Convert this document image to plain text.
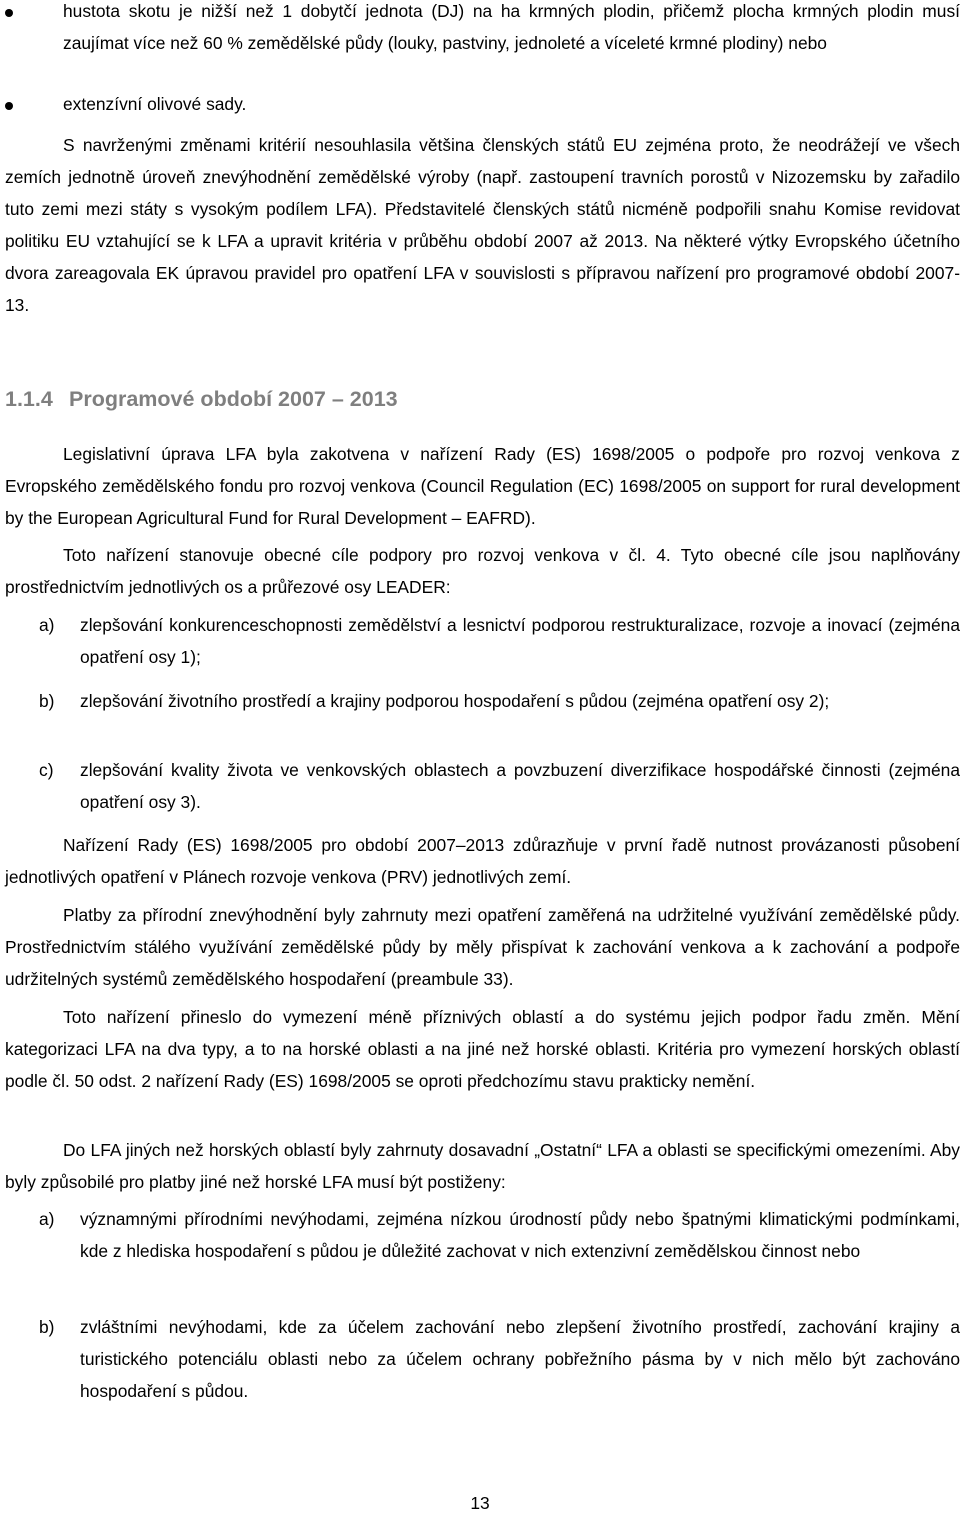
hustota skotu je nižší než 1 dobytčí jednota (DJ) na ha krmných plodin, přičemž plocha krmných plodin musí zaujímat více než 60 % zemědělské půdy (louky, pastviny, jednoleté a víceleté krmné plodiny) nebo
extenzívní olivové sady.

S navrženými změnami kritérií nesouhlasila většina členských států EU zejména proto, že neodrážejí ve všech zemích jednotně úroveň znevýhodnění zemědělské výroby (např. zastoupení travních porostů v Nizozemsku by zařadilo tuto zemi mezi státy s vysokým podílem LFA). Představitelé členských států nicméně podpořili snahu Komise revidovat politiku EU vztahující se k LFA a upravit kritéria v průběhu období 2007 až 2013. Na některé výtky Evropského účetního dvora zareagovala EK úpravou pravidel pro opatření LFA v souvislosti s přípravou nařízení pro programové období 2007-13.

1.1.4 Programové období 2007 – 2013

Legislativní úprava LFA byla zakotvena v nařízení Rady (ES) 1698/2005 o podpoře pro rozvoj venkova z Evropského zemědělského fondu pro rozvoj venkova (Council Regulation (EC) 1698/2005 on support for rural development by the European Agricultural Fund for Rural Development – EAFRD).

Toto nařízení stanovuje obecné cíle podpory pro rozvoj venkova v čl. 4. Tyto obecné cíle jsou naplňovány prostřednictvím jednotlivých os a průřezové osy LEADER:

a) zlepšování konkurenceschopnosti zemědělství a lesnictví podporou restrukturalizace, rozvoje a inovací (zejména opatření osy 1);
b) zlepšování životního prostředí a krajiny podporou hospodaření s půdou (zejména opatření osy 2);
c) zlepšování kvality života ve venkovských oblastech a povzbuzení diverzifikace hospodářské činnosti (zejména opatření osy 3).

Nařízení Rady (ES) 1698/2005 pro období 2007–2013 zdůrazňuje v první řadě nutnost provázanosti působení jednotlivých opatření v Plánech rozvoje venkova (PRV) jednotlivých zemí.

Platby za přírodní znevýhodnění byly zahrnuty mezi opatření zaměřená na udržitelné využívání zemědělské půdy. Prostřednictvím stálého využívání zemědělské půdy by měly přispívat k zachování venkova a k zachování a podpoře udržitelných systémů zemědělského hospodaření (preambule 33).

Toto nařízení přineslo do vymezení méně příznivých oblastí a do systému jejich podpor řadu změn. Mění kategorizaci LFA na dva typy, a to na horské oblasti a na jiné než horské oblasti. Kritéria pro vymezení horských oblastí podle čl. 50 odst. 2 nařízení Rady (ES) 1698/2005 se oproti předchozímu stavu prakticky nemění.

Do LFA jiných než horských oblastí byly zahrnuty dosavadní „Ostatní“ LFA a oblasti se specifickými omezeními. Aby byly způsobilé pro platby jiné než horské LFA musí být postiženy:

a) významnými přírodními nevýhodami, zejména nízkou úrodností půdy nebo špatnými klimatickými podmínkami, kde z hlediska hospodaření s půdou je důležité zachovat v nich extenzivní zemědělskou činnost nebo
b) zvláštními nevýhodami, kde za účelem zachování nebo zlepšení životního prostředí, zachování krajiny a turistického potenciálu oblasti nebo za účelem ochrany pobřežního pásma by v nich mělo být zachováno hospodaření s půdou.
13
